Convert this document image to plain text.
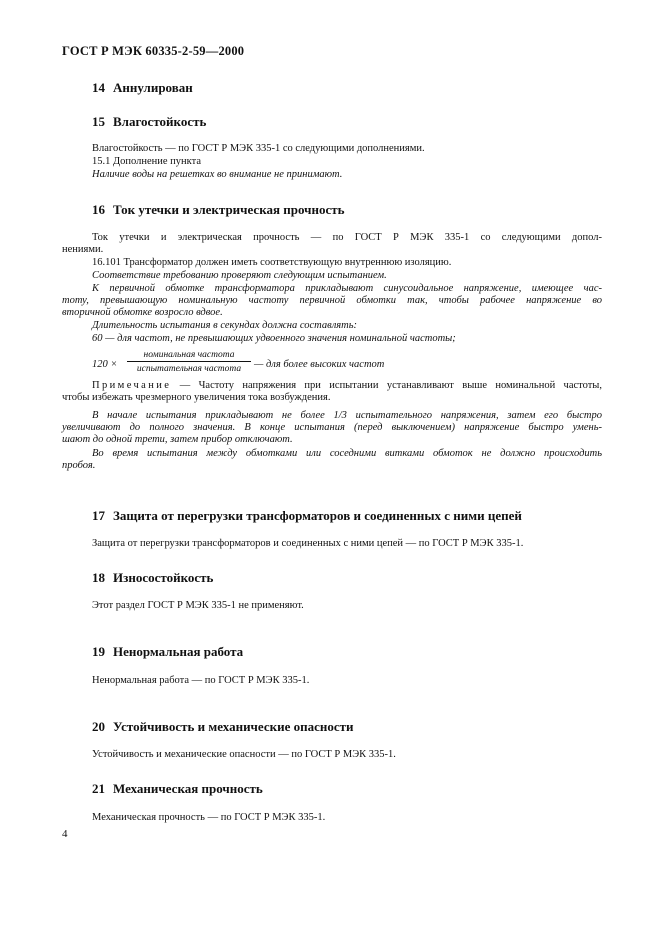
ГОСТ Р МЭК 60335-2-59—2000
14 Аннулирован
15 Влагостойкость

Влагостойкость — по ГОСТ Р МЭК 335-1 со следующими дополнениями.

15.1 Дополнение пункта

Наличие воды на решетках во внимание не принимают.

16 Ток утечки и электрическая прочность

Ток утечки и электрическая прочность — по ГОСТ Р МЭК 335-1 со следующими допол-

нениями.

16.101 Трансформатор должен иметь соответствующую внутреннюю изоляцию.

Соответствие требованию проверяют следующим испытанием.

К первичной обмотке трансформатора прикладывают синусоидальное напряжение, имеющее час-

тоту, превышающую номинальную частоту первичной обмотки так, чтобы рабочее напряжение во

вторичной обмотке возросло вдвое.

Длительность испытания в секундах должна составлять:

60 — для частот, не превышающих удвоенного значения номинальной частоты;

120 ×
номинальная частота
испытательная частота	— для более высоких частот

Примечание — Частоту напряжения при испытании устанавливают выше номинальной частоты,

чтобы избежать чрезмерного увеличения тока возбуждения.

В начале испытания прикладывают не более 1/3 испытательного напряжения, затем его быстро

увеличивают до полного значения. В конце испытания (перед выключением) напряжение быстро умень-

шают до одной трети, затем прибор отключают.

Во время испытания между обмотками или соседними витками обмоток не должно происходить

пробоя.

17 Защита от перегрузки трансформаторов и соединенных с ними цепей

Защита от перегрузки трансформаторов и соединенных с ними цепей — по ГОСТ Р МЭК 335-1.

18 Износостойкость

Этот раздел ГОСТ Р МЭК 335-1 не применяют.

19 Ненормальная работа

Ненормальная работа — по ГОСТ Р МЭК 335-1.

20 Устойчивость и механические опасности

Устойчивость и механические опасности — по ГОСТ Р МЭК 335-1.

21 Механическая прочность

Механическая прочность — по ГОСТ Р МЭК 335-1.

4
